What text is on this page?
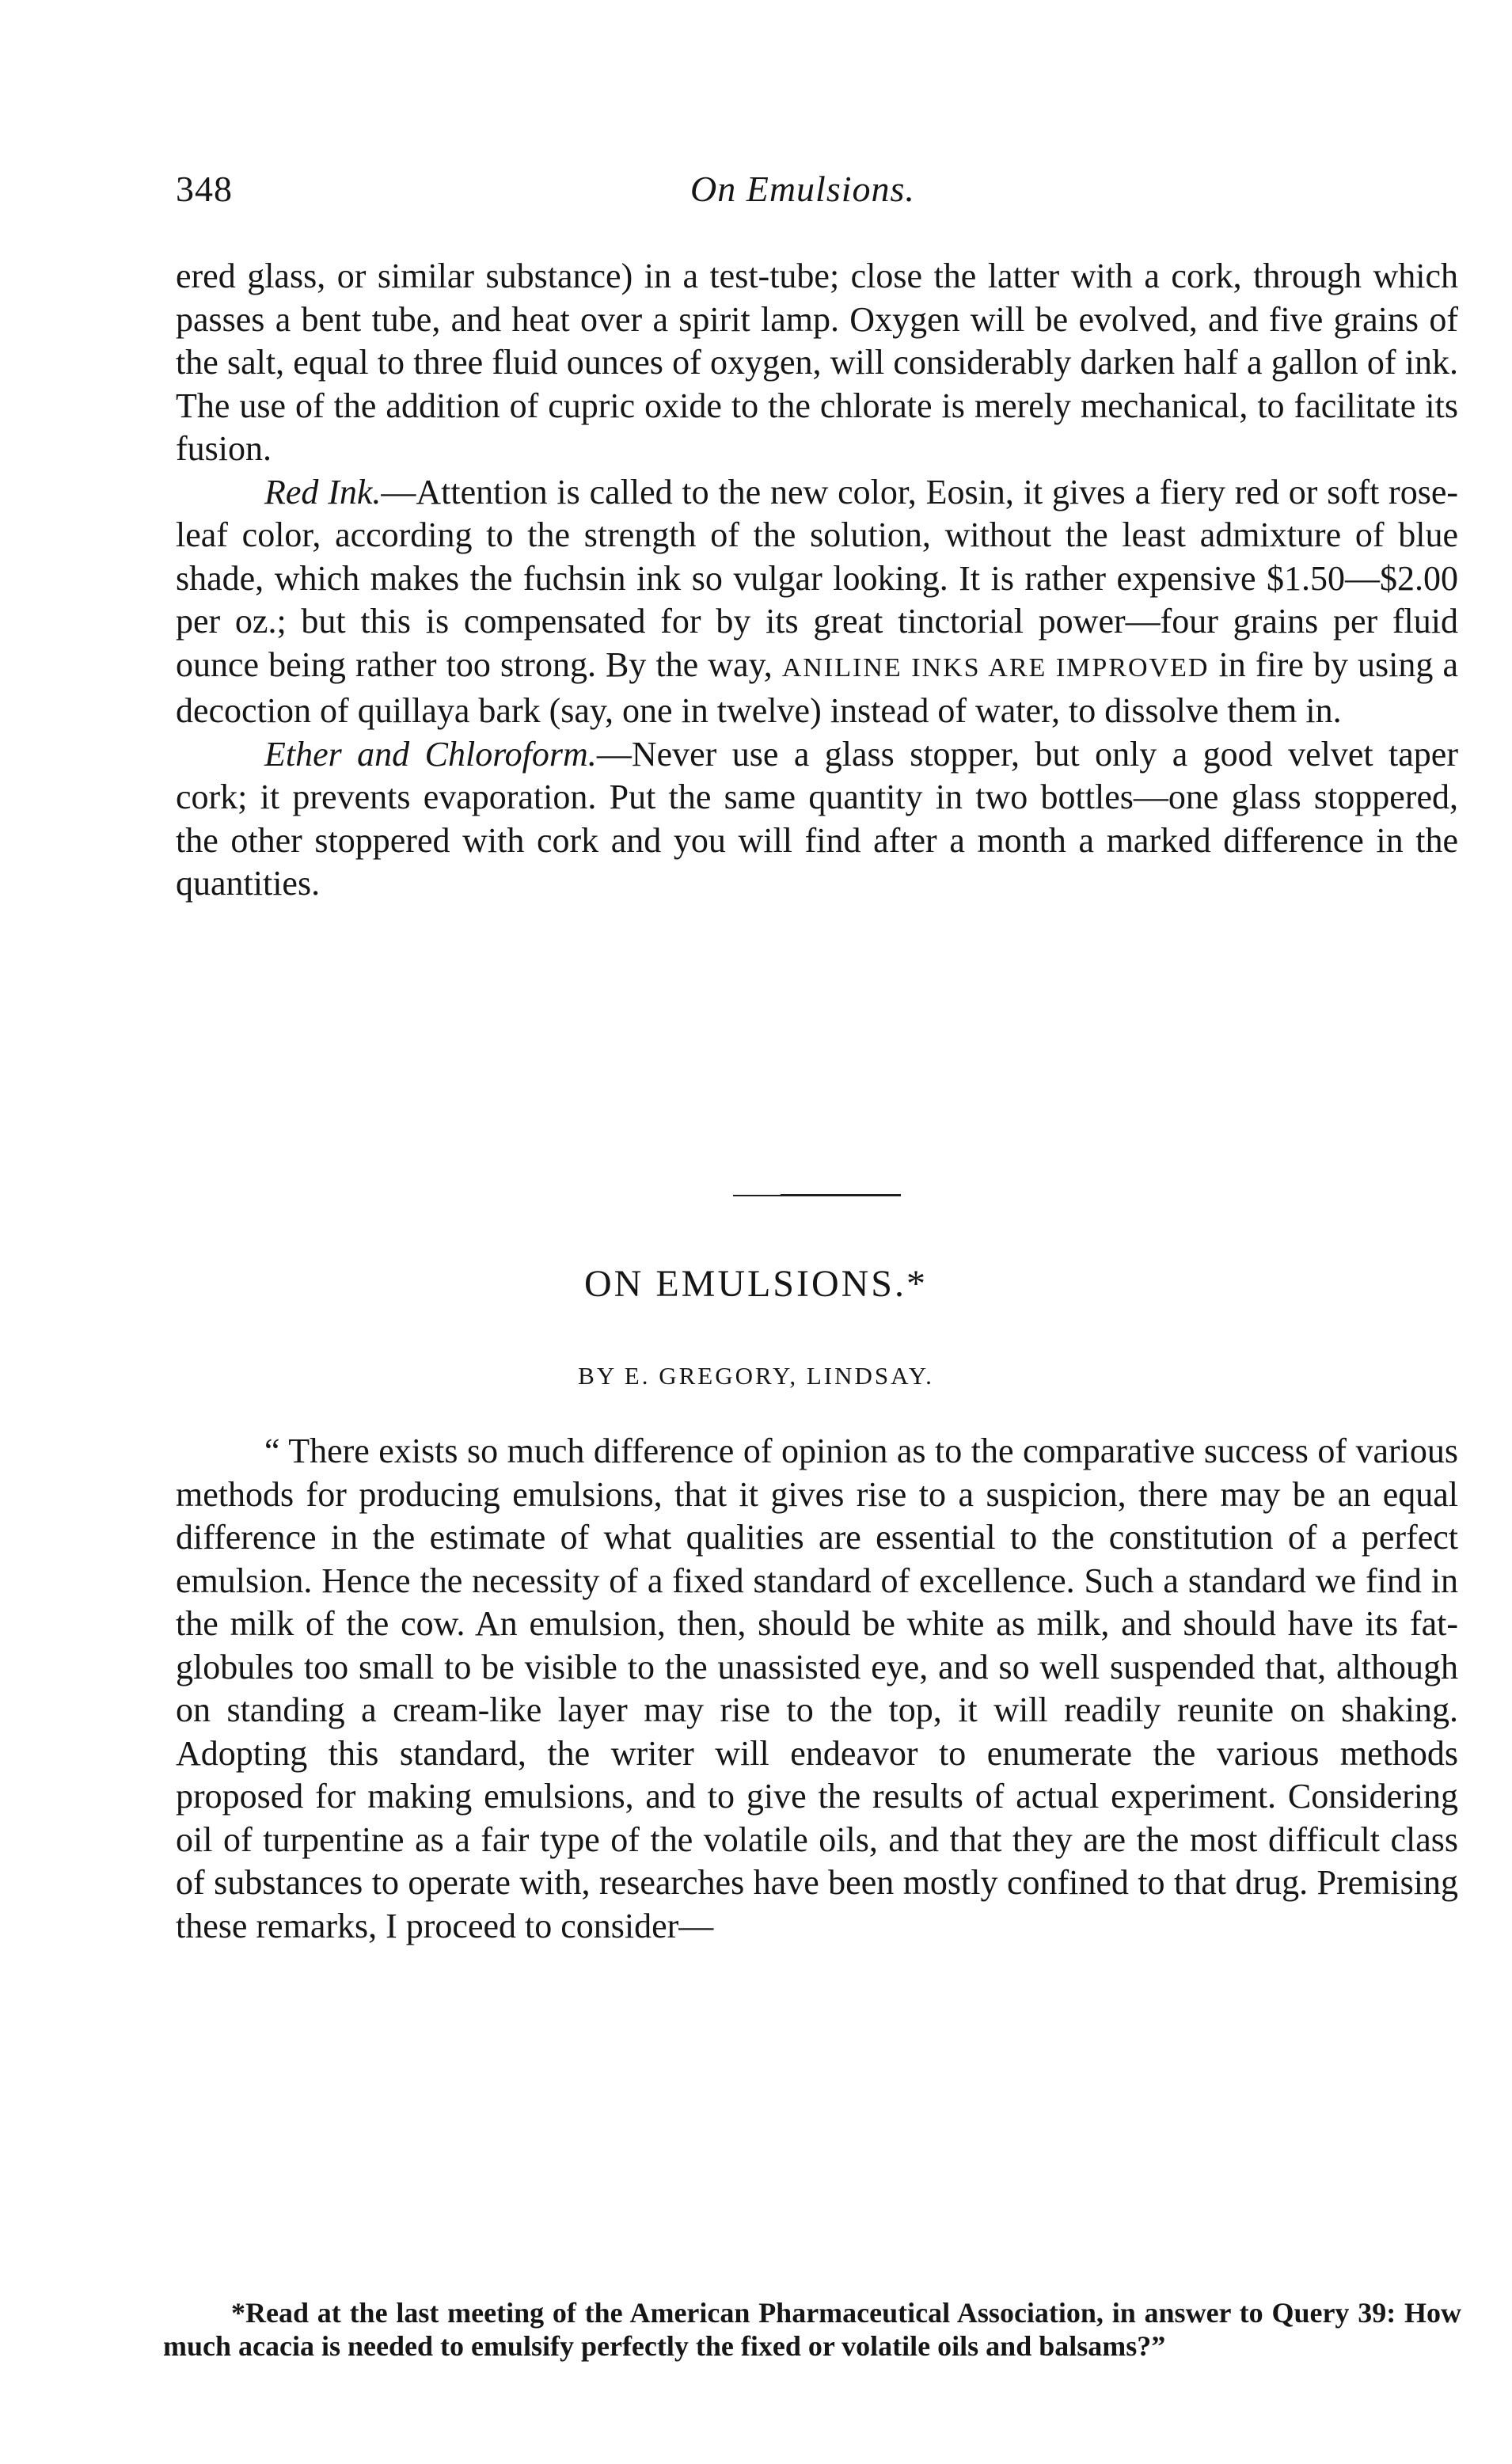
348	On Emulsions.

ered glass, or similar substance) in a test-tube; close the latter with a cork, through which passes a bent tube, and heat over a spirit lamp. Oxygen will be evolved, and five grains of the salt, equal to three fluid ounces of oxygen, will considerably darken half a gallon of ink. The use of the addition of cupric oxide to the chlorate is merely mechanical, to facilitate its fusion.

Red Ink.—Attention is called to the new color, Eosin, it gives a fiery red or soft rose-leaf color, according to the strength of the solution, without the least admixture of blue shade, which makes the fuchsin ink so vulgar looking. It is rather expensive $1.50—$2.00 per oz.; but this is compensated for by its great tinctorial power—four grains per fluid ounce being rather too strong. By the way, ANILINE INKS ARE IMPROVED in fire by using a decoction of quillaya bark (say, one in twelve) instead of water, to dissolve them in.

Ether and Chloroform.—Never use a glass stopper, but only a good velvet taper cork; it prevents evaporation. Put the same quantity in two bottles—one glass stoppered, the other stoppered with cork and you will find after a month a marked difference in the quantities.

ON EMULSIONS.*
BY E. GREGORY, LINDSAY.

“ There exists so much difference of opinion as to the comparative success of various methods for producing emulsions, that it gives rise to a suspicion, there may be an equal difference in the estimate of what qualities are essential to the constitution of a perfect emulsion. Hence the necessity of a fixed standard of excellence. Such a standard we find in the milk of the cow. An emulsion, then, should be white as milk, and should have its fat-globules too small to be visible to the unassisted eye, and so well suspended that, although on standing a cream-like layer may rise to the top, it will readily reunite on shaking. Adopting this standard, the writer will endeavor to enumerate the various methods proposed for making emulsions, and to give the results of actual experiment. Considering oil of turpentine as a fair type of the volatile oils, and that they are the most difficult class of substances to operate with, researches have been mostly confined to that drug. Premising these remarks, I proceed to consider—

*Read at the last meeting of the American Pharmaceutical Association, in answer to Query 39: How much acacia is needed to emulsify perfectly the fixed or volatile oils and balsams?”
